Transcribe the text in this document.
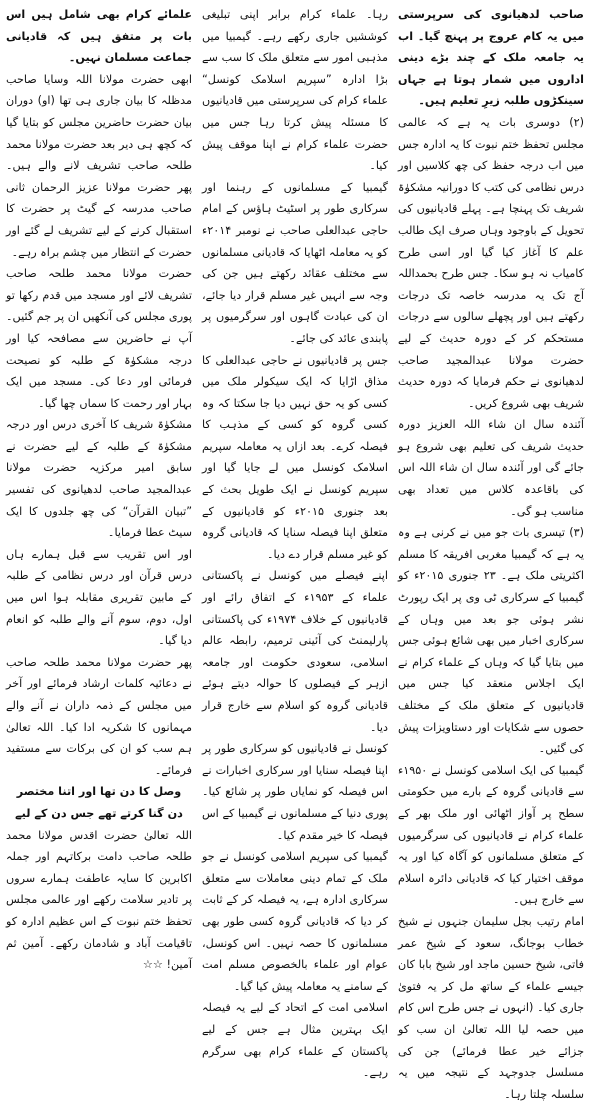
صاحب لدھیانوی کی سرپرستی میں یہ کام عروج پر پہنچ گیا۔ اب یہ جامعہ ملک کے چند بڑے دینی اداروں میں شمار ہوتا ہے جہاں سینکڑوں طلبہ زیرِ تعلیم ہیں۔

(۲) دوسری بات یہ ہے کہ عالمی مجلس تحفظ ختم نبوت کا یہ ادارہ جس میں اب درجہ حفظ کی چھ کلاسیں اور درس نظامی کی کتب کا دورانیہ مشکوٰۃ شریف تک پہنچا ہے۔ پہلے قادیانیوں کی تحویل کے باوجود وہاں صرف ایک طالب علم کا آغاز کیا گیا اور اسی طرح کامیاب نہ ہو سکا۔ جس طرح بحمداللہ آج تک یہ مدرسہ خاصہ تک درجات رکھتے ہیں اور پچھلے سالوں سے درجات مستحکم کر کے دورہ حدیث کے لیے حضرت مولانا عبدالمجید صاحب لدھیانوی نے حکم فرمایا کہ دورہ حدیث شریف بھی شروع کریں۔

آئندہ سال ان شاء اللہ العزیز دورہ حدیث شریف کی تعلیم بھی شروع ہو جائے گی اور آئندہ سال ان شاء اللہ اس کی باقاعدہ کلاس میں تعداد بھی مناسب ہو گی۔

(۳) تیسری بات جو میں نے کرنی ہے وہ یہ ہے کہ گیمبیا مغربی افریقہ کا مسلم اکثریتی ملک ہے۔ ۲۳ جنوری ۲۰۱۵ء کو گیمبیا کے سرکاری ٹی وی پر ایک رپورٹ نشر ہوئی جو بعد میں وہاں کے سرکاری اخبار میں بھی شائع ہوئی جس میں بتایا گیا کہ وہاں کے علماء کرام نے ایک اجلاس منعقد کیا جس میں قادیانیوں کے متعلق ملک کے مختلف حصوں سے شکایات اور دستاویزات پیش کی گئیں۔

گیمبیا کی ایک اسلامی کونسل نے ۱۹۵۰ء سے قادیانی گروہ کے بارے میں حکومتی سطح پر آواز اٹھائی اور ملک بھر کے علماء کرام نے قادیانیوں کی سرگرمیوں کے متعلق مسلمانوں کو آگاہ کیا اور یہ موقف اختیار کیا کہ قادیانی دائرہ اسلام سے خارج ہیں۔

امام رتیب بجل سلیمان جنہوں نے شیخ خطاب بوجانگ، سعود کے شیخ عمر فاتی، شیخ حسین ماجد اور شیخ بابا کان جیسے علماء کے ساتھ مل کر یہ فتویٰ جاری کیا۔ (انہوں نے جس طرح اس کام میں حصہ لیا اللہ تعالیٰ ان سب کو جزائے خیر عطا فرمائے) جن کی مسلسل جدوجہد کے نتیجہ میں یہ سلسلہ چلتا رہا۔

رہا۔ علماء کرام برابر اپنی تبلیغی کوششیں جاری رکھے رہے۔ گیمبیا میں مذہبی امور سے متعلق ملک کا سب سے بڑا ادارہ ”سپریم اسلامک کونسل“ علماء کرام کی سرپرستی میں قادیانیوں کا مسئلہ پیش کرتا رہا جس میں حضرت علماء کرام نے اپنا موقف پیش کیا۔

گیمبیا کے مسلمانوں کے رہنما اور سرکاری طور پر اسٹیٹ ہاؤس کے امام حاجی عبدالعلی صاحب نے نومبر ۲۰۱۴ء کو یہ معاملہ اٹھایا کہ قادیانی مسلمانوں سے مختلف عقائد رکھتے ہیں جن کی وجہ سے انہیں غیر مسلم قرار دیا جائے، ان کی عبادت گاہوں اور سرگرمیوں پر پابندی عائد کی جائے۔

جس پر قادیانیوں نے حاجی عبدالعلی کا مذاق اڑایا کہ ایک سیکولر ملک میں کسی کو یہ حق نہیں دیا جا سکتا کہ وہ کسی گروہ کو کسی کے مذہب کا فیصلہ کرے۔ بعد ازاں یہ معاملہ سپریم اسلامک کونسل میں لے جایا گیا اور سپریم کونسل نے ایک طویل بحث کے بعد جنوری ۲۰۱۵ء کو قادیانیوں کے متعلق اپنا فیصلہ سنایا کہ قادیانی گروہ کو غیر مسلم قرار دے دیا۔

اپنے فیصلے میں کونسل نے پاکستانی علماء کے ۱۹۵۳ء کے اتفاق رائے اور قادیانیوں کے خلاف ۱۹۷۴ء کی پاکستانی پارلیمنٹ کی آئینی ترمیم، رابطہ عالم اسلامی، سعودی حکومت اور جامعہ ازہر کے فیصلوں کا حوالہ دیتے ہوئے قادیانی گروہ کو اسلام سے خارج قرار دیا۔

کونسل نے قادیانیوں کو سرکاری طور پر اپنا فیصلہ سنایا اور سرکاری اخبارات نے اس فیصلہ کو نمایاں طور پر شائع کیا۔ پوری دنیا کے مسلمانوں نے گیمبیا کے اس فیصلہ کا خیر مقدم کیا۔

گیمبیا کی سپریم اسلامی کونسل نے جو ملک کے تمام دینی معاملات سے متعلق سرکاری ادارہ ہے، یہ فیصلہ کر کے ثابت کر دیا کہ قادیانی گروہ کسی طور بھی مسلمانوں کا حصہ نہیں۔ اس کونسل، عوام اور علماء بالخصوص مسلم امت کے سامنے یہ معاملہ پیش کیا گیا۔

اسلامی امت کے اتحاد کے لیے یہ فیصلہ ایک بہترین مثال ہے جس کے لیے پاکستان کے علماء کرام بھی سرگرم رہے۔

علمائے کرام بھی شامل ہیں اس بات پر متفق ہیں کہ قادیانی جماعت مسلمان نہیں۔

ابھی حضرت مولانا اللہ وسایا صاحب مدظلہ کا بیان جاری ہی تھا (او) دوران بیان حضرت حاضرین مجلس کو بتایا گیا کہ کچھ ہی دیر بعد حضرت مولانا محمد طلحہ صاحب تشریف لانے والے ہیں۔ پھر حضرت مولانا عزیز الرحمان ثانی صاحب مدرسہ کے گیٹ پر حضرت کا استقبال کرنے کے لیے تشریف لے گئے اور حضرت کے انتظار میں چشم براہ رہے۔

حضرت مولانا محمد طلحہ صاحب تشریف لائے اور مسجد میں قدم رکھا تو پوری مجلس کی آنکھیں ان پر جم گئیں۔ آپ نے حاضرین سے مصافحہ کیا اور درجہ مشکوٰۃ کے طلبہ کو نصیحت فرمائی اور دعا کی۔ مسجد میں ایک بہار اور رحمت کا سماں چھا گیا۔

مشکوٰۃ شریف کا آخری درس اور درجہ مشکوٰۃ کے طلبہ کے لیے حضرت نے سابق امیر مرکزیہ حضرت مولانا عبدالمجید صاحب لدھیانوی کی تفسیر ”تبیان القرآن“ کی چھ جلدوں کا ایک سیٹ عطا فرمایا۔

اور اس تقریب سے قبل ہمارے ہاں درس قرآن اور درس نظامی کے طلبہ کے مابین تقریری مقابلہ ہوا اس میں اول، دوم، سوم آنے والے طلبہ کو انعام دیا گیا۔

پھر حضرت مولانا محمد طلحہ صاحب نے دعائیہ کلمات ارشاد فرمائے اور آخر میں مجلس کے ذمہ داران نے آنے والے مہمانوں کا شکریہ ادا کیا۔ اللہ تعالیٰ ہم سب کو ان کی برکات سے مستفید فرمائے۔

وصل کا دن تھا اور اتنا مختصر

دن گنا کرتے تھے جس دن کے لیے

اللہ تعالیٰ حضرت اقدس مولانا محمد طلحہ صاحب دامت برکاتہم اور جملہ اکابرین کا سایہ عاطفت ہمارے سروں پر تادیر سلامت رکھے اور عالمی مجلس تحفظ ختم نبوت کے اس عظیم ادارہ کو تاقیامت آباد و شادمان رکھے۔ آمین ثم آمین! ☆☆
